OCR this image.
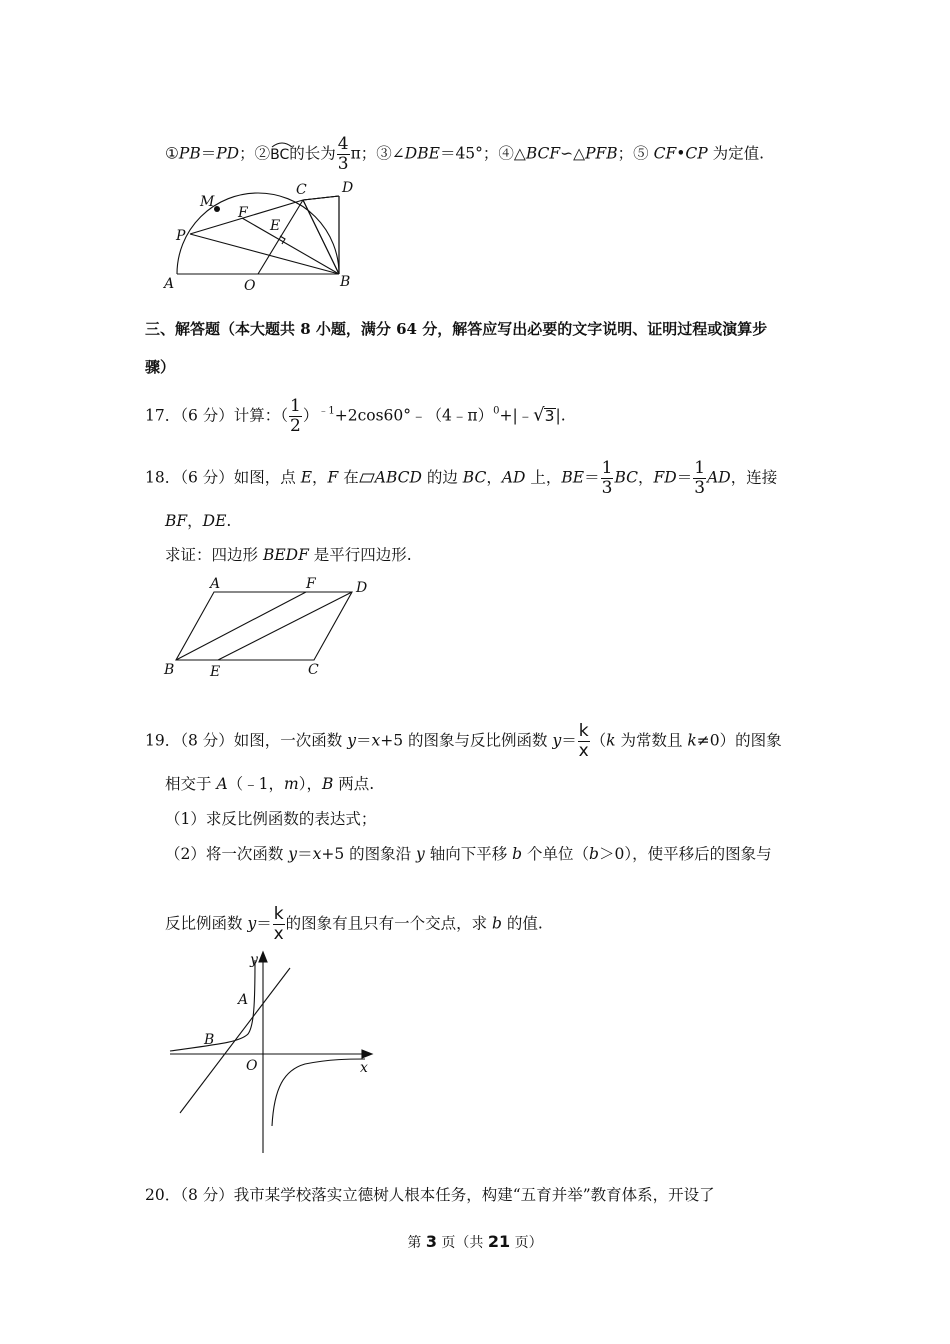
①PB＝PD；②
BC的长为 $\frac{4}{3}$ π；③∠DBE＝45°；④△BCF∽△PFB；⑤ CF•CP 为定值.
M
C	D
F
P
E
A	O	B
三、解答题（本大题共 8 小题，满分 64 分，解答应写出必要的文字说明、证明过程或演算步
骤）
17．（6 分）计算：（ $\frac{1}{2}$ ）$^{﹣1}$+2cos60°﹣（4﹣π）$^0$+|﹣√3|.
18．（6 分）如图，点 E，F 在 ABCD 的边 BC，AD 上，$BE= \frac{1}{3}$ BC，$FD= \frac{1}{3}$ AD，连接
BF，DE.
求证：四边形 BEDF 是平行四边形.
A	F	D
B	E	C
19．（8 分）如图，一次函数 y＝x+5 的图象与反比例函数 $y= \frac{k}{x} (k$ 为常数且 k≠0）的图象
相交于 A（﹣1，m），B 两点.
（1）求反比例函数的表达式；
（2）将一次函数 y＝x+5 的图象沿 y 轴向下平移 b 个单位（b＞0），使平移后的图象与
反比例函数 $y= \frac{k}{x}$ 的图象有且只有一个交点，求 b 的值.
y
A
B
O	x
20．（8 分）我市某学校落实立德树人根本任务，构建“五育并举”教育体系，开设了
第 3 页（共 21 页）
